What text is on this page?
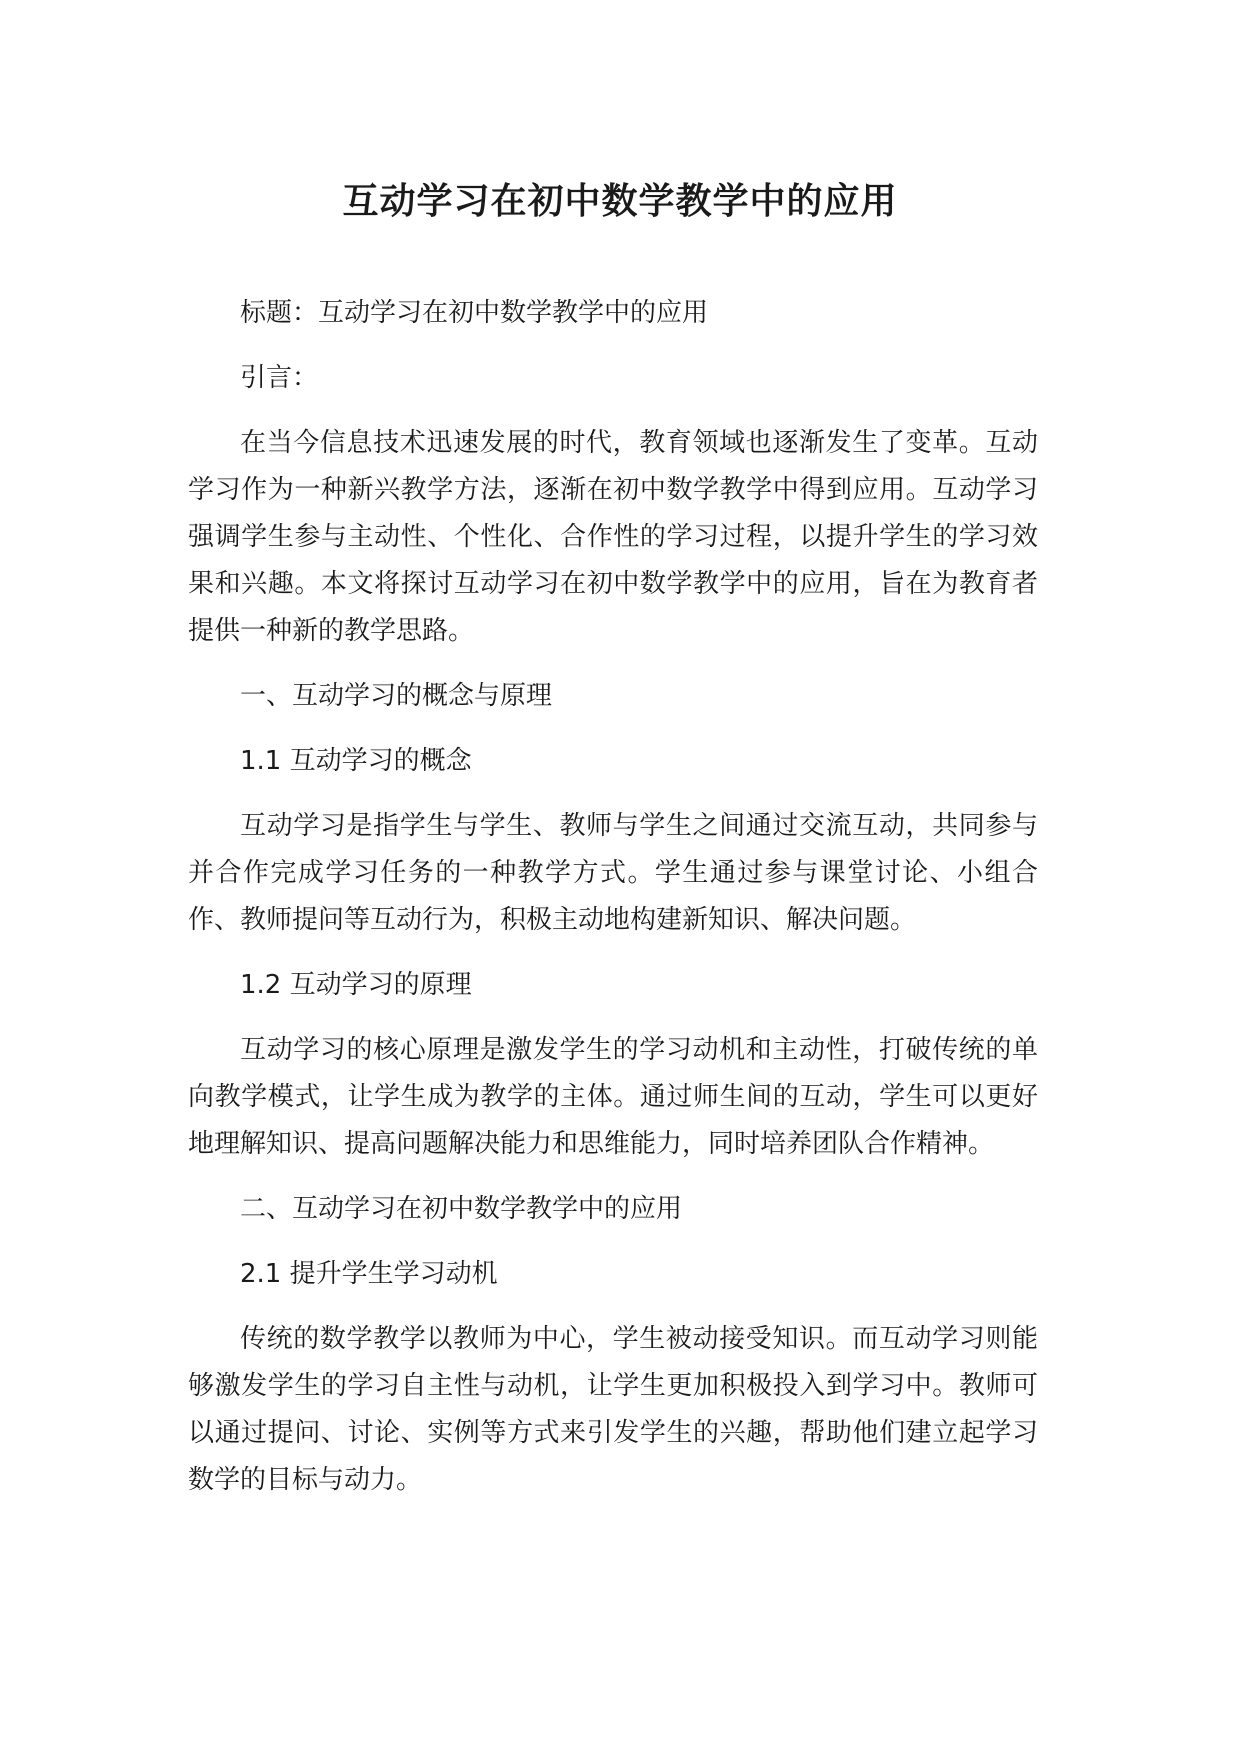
互动学习在初中数学教学中的应用

标题：互动学习在初中数学教学中的应用

引言：

在当今信息技术迅速发展的时代，教育领域也逐渐发生了变革。互动学习作为一种新兴教学方法，逐渐在初中数学教学中得到应用。互动学习强调学生参与主动性、个性化、合作性的学习过程，以提升学生的学习效果和兴趣。本文将探讨互动学习在初中数学教学中的应用，旨在为教育者提供一种新的教学思路。

一、互动学习的概念与原理

1.1 互动学习的概念

互动学习是指学生与学生、教师与学生之间通过交流互动，共同参与并合作完成学习任务的一种教学方式。学生通过参与课堂讨论、小组合作、教师提问等互动行为，积极主动地构建新知识、解决问题。

1.2 互动学习的原理

互动学习的核心原理是激发学生的学习动机和主动性，打破传统的单向教学模式，让学生成为教学的主体。通过师生间的互动，学生可以更好地理解知识、提高问题解决能力和思维能力，同时培养团队合作精神。

二、互动学习在初中数学教学中的应用

2.1 提升学生学习动机

传统的数学教学以教师为中心，学生被动接受知识。而互动学习则能够激发学生的学习自主性与动机，让学生更加积极投入到学习中。教师可以通过提问、讨论、实例等方式来引发学生的兴趣，帮助他们建立起学习数学的目标与动力。
